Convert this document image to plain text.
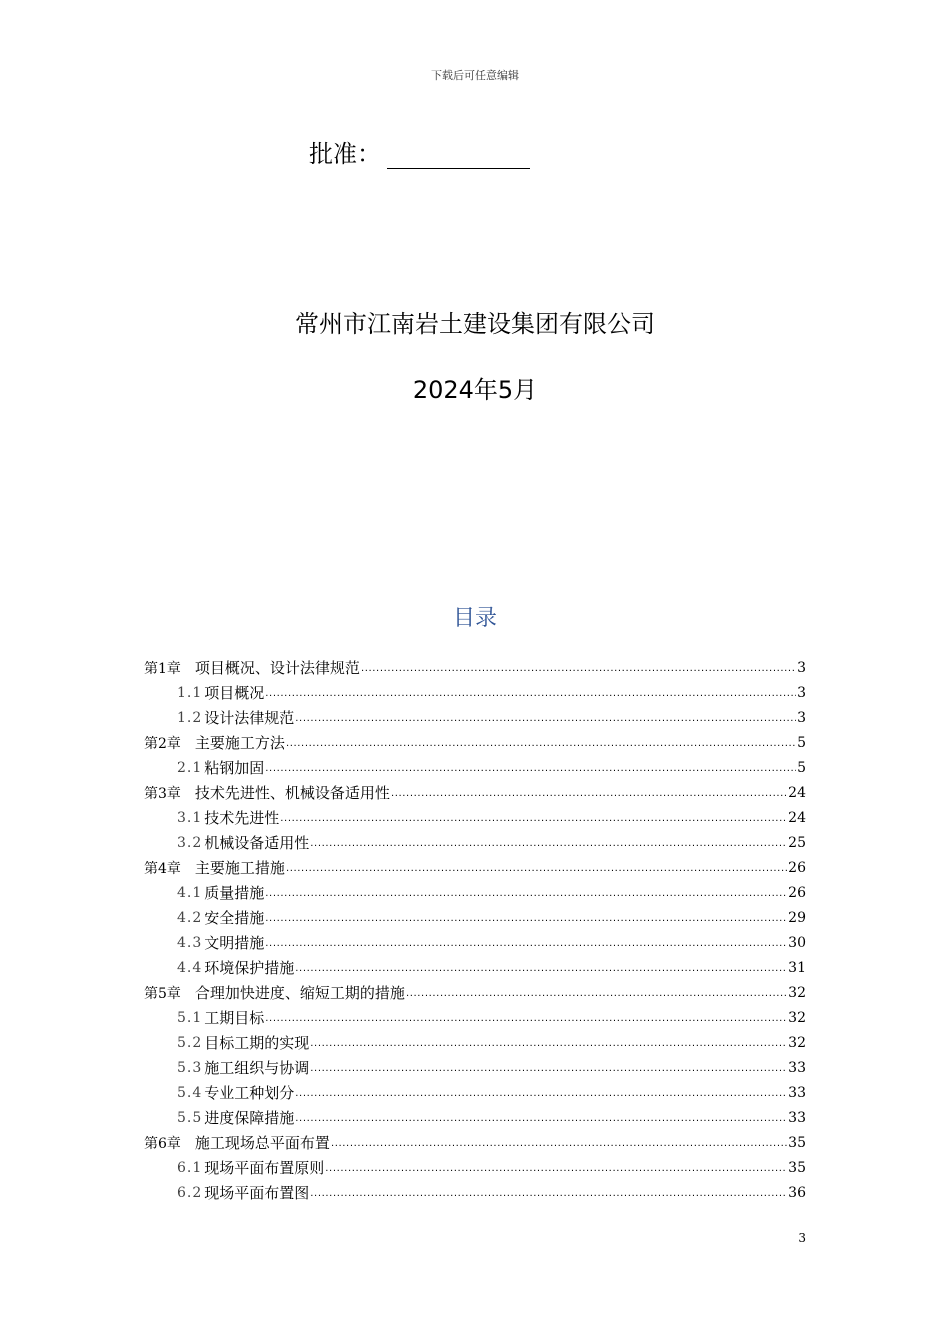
下载后可任意编辑
批准：
常州市江南岩土建设集团有限公司
2024年5月
目录
第1章 项目概况、设计法律规范 .....	3
1.1 项目概况 .....	3
1.2 设计法律规范 .....	3
第2章 主要施工方法 .....	5
2.1 粘钢加固 .....	5
第3章 技术先进性、机械设备适用性 .....	24
3.1 技术先进性 .....	24
3.2 机械设备适用性 .....	25
第4章 主要施工措施 .....	26
4.1 质量措施 .....	26
4.2 安全措施 .....	29
4.3 文明措施 .....	30
4.4 环境保护措施 .....	31
第5章 合理加快进度、缩短工期的措施 .....	32
5.1 工期目标 .....	32
5.2 目标工期的实现 .....	32
5.3 施工组织与协调 .....	33
5.4 专业工种划分 .....	33
5.5 进度保障措施 .....	33
第6章 施工现场总平面布置 .....	35
6.1 现场平面布置原则 .....	35
6.2 现场平面布置图 .....	36
3
